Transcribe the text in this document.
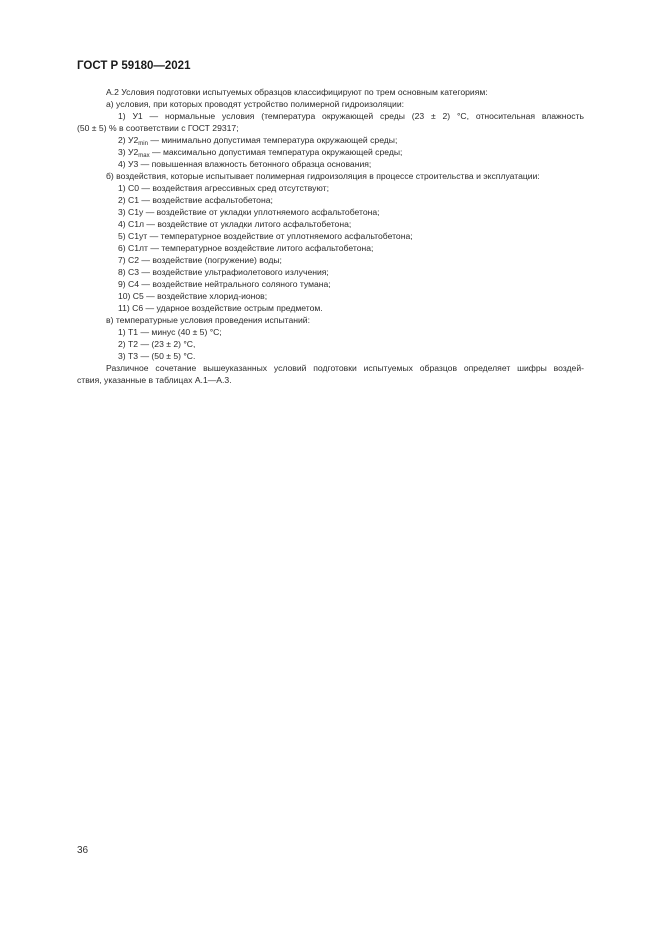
ГОСТ Р 59180—2021
А.2 Условия подготовки испытуемых образцов классифицируют по трем основным категориям:
а) условия, при которых проводят устройство полимерной гидроизоляции:
1) У1 — нормальные условия (температура окружающей среды (23 ± 2) °С, относительная влажность
(50 ± 5) % в соответствии с ГОСТ 29317;
2) $У2_{min}$ — минимально допустимая температура окружающей среды;
3) $У2_{max}$ — максимально допустимая температура окружающей среды;
4) У3 — повышенная влажность бетонного образца основания;
б) воздействия, которые испытывает полимерная гидроизоляция в процессе строительства и эксплуатации:
1) С0 — воздействия агрессивных сред отсутствуют;
2) С1 — воздействие асфальтобетона;
3) С1у — воздействие от укладки уплотняемого асфальтобетона;
4) С1л — воздействие от укладки литого асфальтобетона;
5) С1ут — температурное воздействие от уплотняемого асфальтобетона;
6) С1лт — температурное воздействие литого асфальтобетона;
7) С2 — воздействие (погружение) воды;
8) С3 — воздействие ультрафиолетового излучения;
9) С4 — воздействие нейтрального соляного тумана;
10) С5 — воздействие хлорид-ионов;
11) С6 — ударное воздействие острым предметом.
в) температурные условия проведения испытаний:
1) Т1 — минус (40 ± 5) °С;
2) Т2 — (23 ± 2) °С,
3) Т3 — (50 ± 5) °С.
Различное сочетание вышеуказанных условий подготовки испытуемых образцов определяет шифры воздей-
ствия, указанные в таблицах А.1—А.3.
36
